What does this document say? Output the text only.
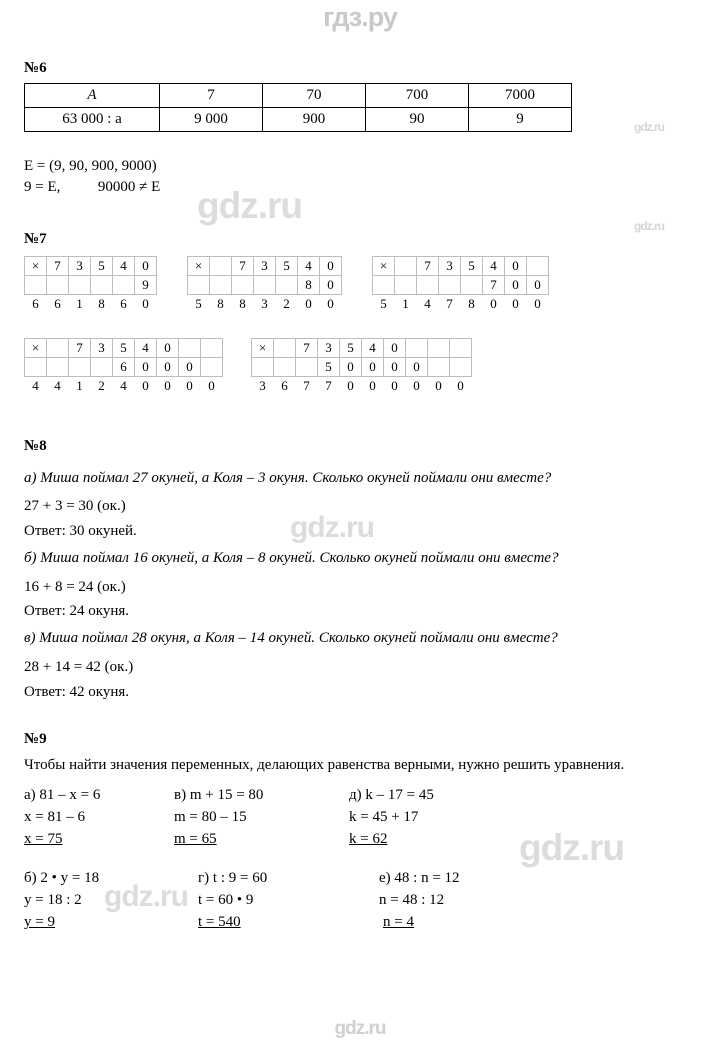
гдз.ру
gdz.ru
gdz.ru	gdz.ru
gdz.ru
gdz.ru
gdz.ru
gdz.ru
№6
A	7	70	700	7000
63 000 : a	9 000	900	90	9
E = (9, 90, 900, 9000)
9 = E,          90000 ≠ E
№7
×	7	3	5	4	0
					9
6	6	1	8	6	0
×		7	3	5	4	0
					8	0
5	8	8	3	2	0	0
×		7	3	5	4	0	
					7	0	0
5	1	4	7	8	0	0	0
×		7	3	5	4	0		
				6	0	0	0	
4	4	1	2	4	0	0	0	0
×		7	3	5	4	0			
			5	0	0	0	0		
3	6	7	7	0	0	0	0	0	0
№8
а) Миша поймал 27 окуней, а Коля – 3 окуня. Сколько окуней поймали они вместе?
27 + 3 = 30 (ок.)
Ответ: 30 окуней.
б) Миша поймал 16 окуней, а Коля – 8 окуней. Сколько окуней поймали они вместе?
16 + 8 = 24 (ок.)
Ответ: 24 окуня.
в) Миша поймал 28 окуня, а Коля – 14 окуней. Сколько окуней поймали они вместе?
28 + 14 = 42 (ок.)
Ответ: 42 окуня.
№9
Чтобы найти значения переменных, делающих равенства верными, нужно решить уравнения.
а) 81 – x = 6	в) m + 15 = 80	д) k – 17 = 45
x = 81 – 6	m = 80 – 15	k = 45 + 17
x = 75	m = 65	k = 62
б) 2 • y = 18	г) t : 9 = 60	е) 48 : n = 12
y = 18 : 2	t = 60 • 9	n = 48 : 12
y = 9	t = 540	n = 4
